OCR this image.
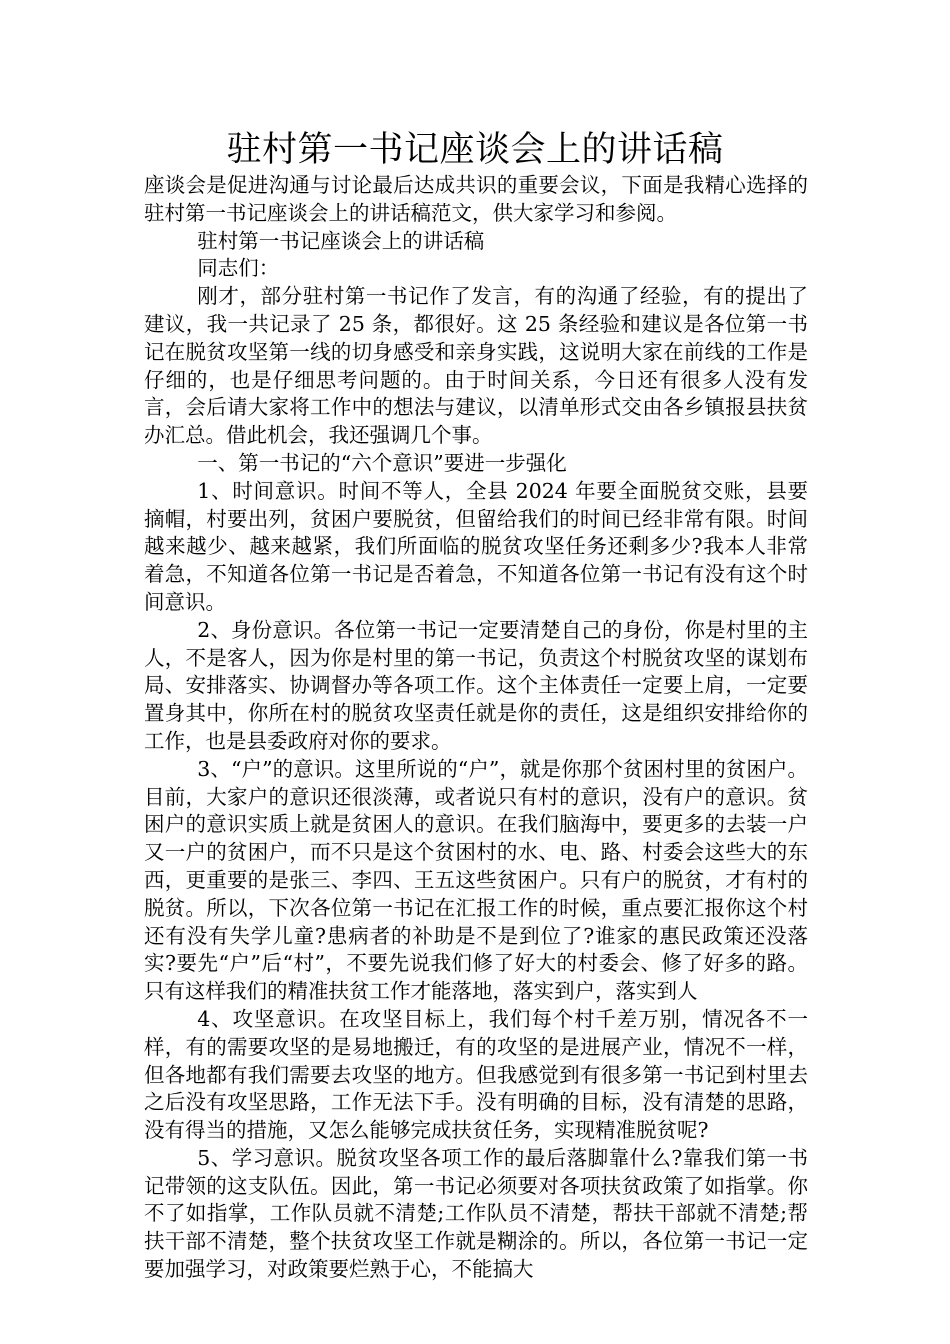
驻村第一书记座谈会上的讲话稿

座谈会是促进沟通与讨论最后达成共识的重要会议，下面是我精心选择的驻村第一书记座谈会上的讲话稿范文，供大家学习和参阅。

驻村第一书记座谈会上的讲话稿

同志们：

刚才，部分驻村第一书记作了发言，有的沟通了经验，有的提出了建议，我一共记录了 25 条，都很好。这 25 条经验和建议是各位第一书记在脱贫攻坚第一线的切身感受和亲身实践，这说明大家在前线的工作是仔细的，也是仔细思考问题的。由于时间关系，今日还有很多人没有发言，会后请大家将工作中的想法与建议，以清单形式交由各乡镇报县扶贫办汇总。借此机会，我还强调几个事。

一、第一书记的“六个意识”要进一步强化

1、时间意识。时间不等人，全县 2024 年要全面脱贫交账，县要摘帽，村要出列，贫困户要脱贫，但留给我们的时间已经非常有限。时间越来越少、越来越紧，我们所面临的脱贫攻坚任务还剩多少?我本人非常着急，不知道各位第一书记是否着急，不知道各位第一书记有没有这个时间意识。

2、身份意识。各位第一书记一定要清楚自己的身份，你是村里的主人，不是客人，因为你是村里的第一书记，负责这个村脱贫攻坚的谋划布局、安排落实、协调督办等各项工作。这个主体责任一定要上肩，一定要置身其中，你所在村的脱贫攻坚责任就是你的责任，这是组织安排给你的工作，也是县委政府对你的要求。

3、“户”的意识。这里所说的“户”，就是你那个贫困村里的贫困户。目前，大家户的意识还很淡薄，或者说只有村的意识，没有户的意识。贫困户的意识实质上就是贫困人的意识。在我们脑海中，要更多的去装一户又一户的贫困户，而不只是这个贫困村的水、电、路、村委会这些大的东西，更重要的是张三、李四、王五这些贫困户。只有户的脱贫，才有村的脱贫。所以，下次各位第一书记在汇报工作的时候，重点要汇报你这个村还有没有失学儿童?患病者的补助是不是到位了?谁家的惠民政策还没落实?要先“户”后“村”，不要先说我们修了好大的村委会、修了好多的路。只有这样我们的精准扶贫工作才能落地，落实到户，落实到人

4、攻坚意识。在攻坚目标上，我们每个村千差万别，情况各不一样，有的需要攻坚的是易地搬迁，有的攻坚的是进展产业，情况不一样，但各地都有我们需要去攻坚的地方。但我感觉到有很多第一书记到村里去之后没有攻坚思路，工作无法下手。没有明确的目标，没有清楚的思路，没有得当的措施，又怎么能够完成扶贫任务，实现精准脱贫呢?

5、学习意识。脱贫攻坚各项工作的最后落脚靠什么?靠我们第一书记带领的这支队伍。因此，第一书记必须要对各项扶贫政策了如指掌。你不了如指掌，工作队员就不清楚;工作队员不清楚，帮扶干部就不清楚;帮扶干部不清楚，整个扶贫攻坚工作就是糊涂的。所以，各位第一书记一定要加强学习，对政策要烂熟于心，不能搞大
